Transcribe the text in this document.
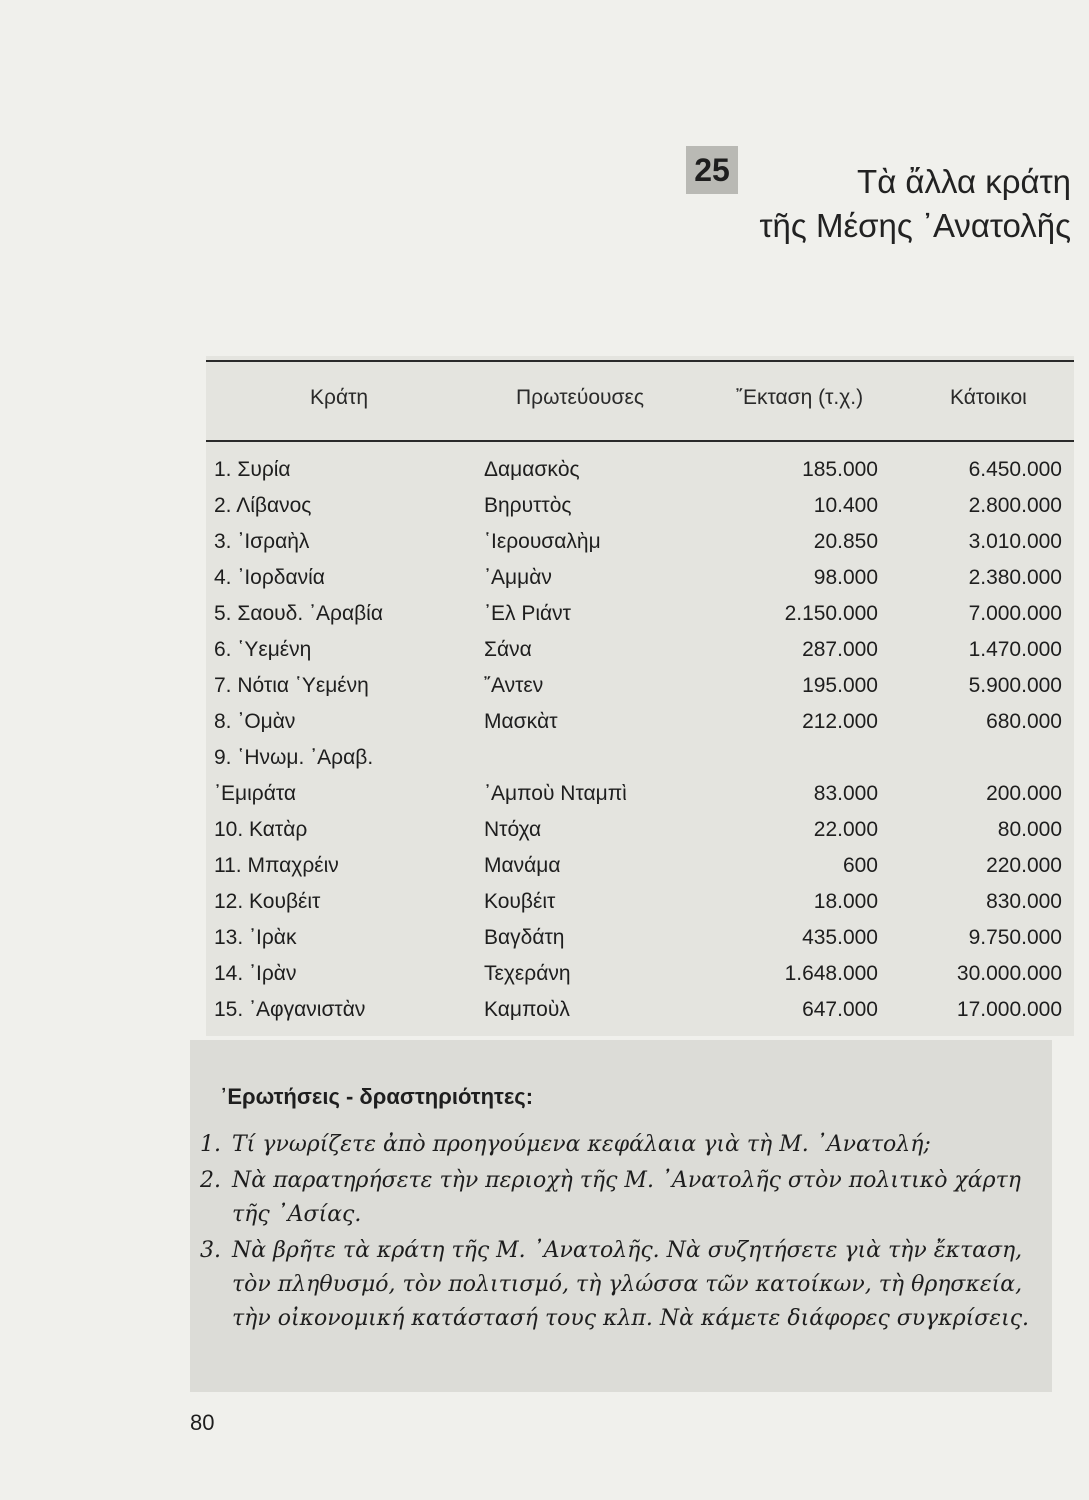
25	Τὰ ἄλλα κράτη
τῆς Μέσης ᾿Ανατολῆς
Κράτη	Πρωτεύουσες	῎Εκταση (τ.χ.)	Κάτοικοι
1. Συρία	Δαμασκὸς	185.000	6.450.000
2. Λίβανος	Βηρυττὸς	10.400	2.800.000
3. ᾿Ισραὴλ	῾Ιερουσαλὴμ	20.850	3.010.000
4. ᾿Ιορδανία	᾿Αμμὰν	98.000	2.380.000
5. Σαουδ. ᾿Αραβία	᾿Ελ Ριάντ	2.150.000	7.000.000
6. ῾Υεμένη	Σάνα	287.000	1.470.000
7. Νότια ῾Υεμένη	῎Αντεν	195.000	5.900.000
8. ᾿Ομὰν	Μασκὰτ	212.000	680.000
9. ῾Ηνωμ. ᾿Αραβ.
᾿Εμιράτα	᾿Αμποὺ Νταμπὶ	83.000	200.000
10. Κατὰρ	Ντόχα	22.000	80.000
11. Μπαχρέιν	Μανάμα	600	220.000
12. Κουβέιτ	Κουβέιτ	18.000	830.000
13. ᾿Ιρὰκ	Βαγδάτη	435.000	9.750.000
14. ᾿Ιρὰν	Τεχεράνη	1.648.000	30.000.000
15. ᾿Αφγανιστὰν	Καμποὺλ	647.000	17.000.000
᾿Ερωτήσεις - δραστηριότητες:
1. Τί γνωρίζετε ἀπὸ προηγούμενα κεφάλαια γιὰ τὴ Μ. ᾿Ανατολή;
2. Νὰ παρατηρήσετε τὴν περιοχὴ τῆς Μ. ᾿Ανατολῆς στὸν πολιτικὸ χάρτη τῆς ᾿Ασίας.
3. Νὰ βρῆτε τὰ κράτη τῆς Μ. ᾿Ανατολῆς. Νὰ συζητήσετε γιὰ τὴν ἔκταση, τὸν πληθυσμό, τὸν πολιτισμό, τὴ γλώσσα τῶν κατοίκων, τὴ θρησκεία, τὴν οἰκονομική κατάστασή τους κλπ. Νὰ κάμετε διάφορες συγκρίσεις.
80
